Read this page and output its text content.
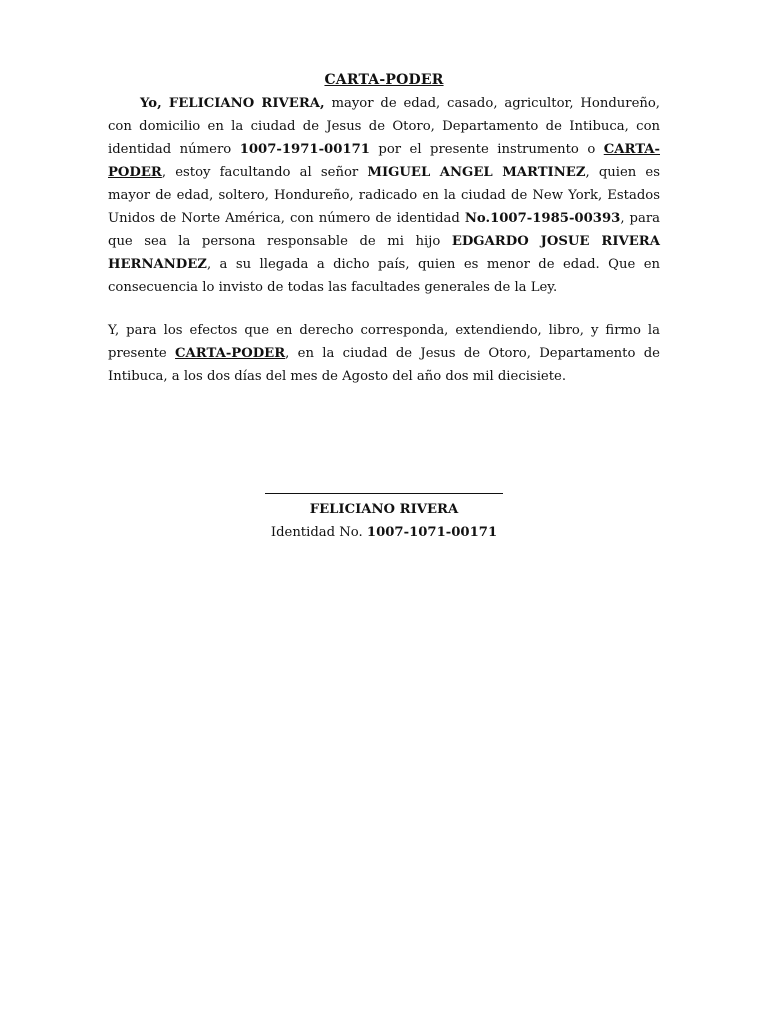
CARTA-PODER
Yo, FELICIANO RIVERA, mayor de edad, casado, agricultor, Hondureño, con domicilio en la ciudad de Jesus de Otoro, Departamento de Intibuca, con identidad número 1007-1971-00171 por el presente instrumento o CARTA-PODER, estoy facultando al señor MIGUEL ANGEL MARTINEZ, quien es mayor de edad, soltero, Hondureño, radicado en la ciudad de New York, Estados Unidos de Norte América, con número de identidad No.1007-1985-00393, para que sea la persona responsable de mi hijo EDGARDO JOSUE RIVERA HERNANDEZ, a su llegada a dicho país, quien es menor de edad. Que en consecuencia lo invisto de todas las facultades generales de la Ley.
Y, para los efectos que en derecho corresponda, extendiendo, libro, y firmo la presente CARTA-PODER, en la ciudad de Jesus de Otoro, Departamento de Intibuca, a los dos días del mes de Agosto del año dos mil diecisiete.
FELICIANO RIVERA
Identidad No. 1007-1071-00171
